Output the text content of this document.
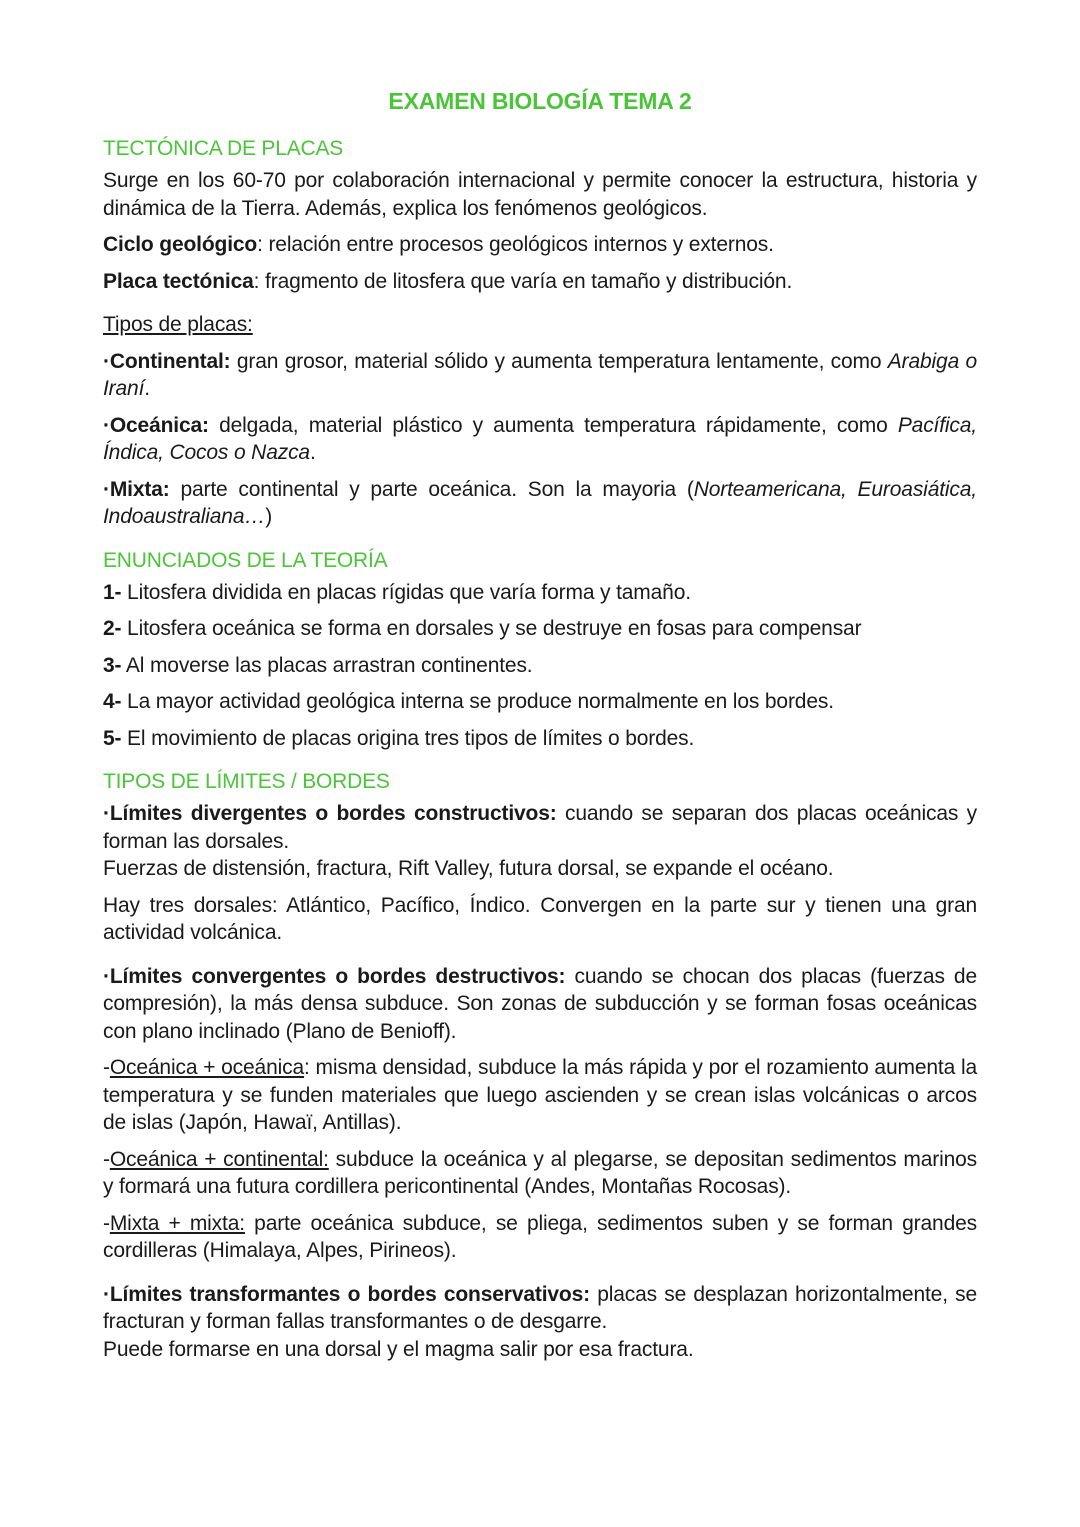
EXAMEN BIOLOGÍA TEMA 2
TECTÓNICA DE PLACAS

Surge en los 60-70 por colaboración internacional y permite conocer la estructura, historia y dinámica de la Tierra. Además, explica los fenómenos geológicos.

Ciclo geológico: relación entre procesos geológicos internos y externos.

Placa tectónica: fragmento de litosfera que varía en tamaño y distribución.

Tipos de placas:

·Continental: gran grosor, material sólido y aumenta temperatura lentamente, como Arabiga o Iraní.

·Oceánica: delgada, material plástico y aumenta temperatura rápidamente, como Pacífica, Índica, Cocos o Nazca.

·Mixta: parte continental y parte oceánica. Son la mayoria (Norteamericana, Euroasiática, Indoaustraliana…)

ENUNCIADOS DE LA TEORÍA

1- Litosfera dividida en placas rígidas que varía forma y tamaño.

2- Litosfera oceánica se forma en dorsales y se destruye en fosas para compensar

3- Al moverse las placas arrastran continentes.

4- La mayor actividad geológica interna se produce normalmente en los bordes.

5- El movimiento de placas origina tres tipos de límites o bordes.

TIPOS DE LÍMITES / BORDES

·Límites divergentes o bordes constructivos: cuando se separan dos placas oceánicas y forman las dorsales.

Fuerzas de distensión, fractura, Rift Valley, futura dorsal, se expande el océano.

Hay tres dorsales: Atlántico, Pacífico, Índico. Convergen en la parte sur y tienen una gran actividad volcánica.

·Límites convergentes o bordes destructivos: cuando se chocan dos placas (fuerzas de compresión), la más densa subduce. Son zonas de subducción y se forman fosas oceánicas con plano inclinado (Plano de Benioff).

-Oceánica + oceánica: misma densidad, subduce la más rápida y por el rozamiento aumenta la temperatura y se funden materiales que luego ascienden y se crean islas volcánicas o arcos de islas (Japón, Hawaï, Antillas).

-Oceánica + continental: subduce la oceánica y al plegarse, se depositan sedimentos marinos y formará una futura cordillera pericontinental (Andes, Montañas Rocosas).

-Mixta + mixta: parte oceánica subduce, se pliega, sedimentos suben y se forman grandes cordilleras (Himalaya, Alpes, Pirineos).

·Límites transformantes o bordes conservativos: placas se desplazan horizontalmente, se fracturan y forman fallas transformantes o de desgarre.

Puede formarse en una dorsal y el magma salir por esa fractura.
